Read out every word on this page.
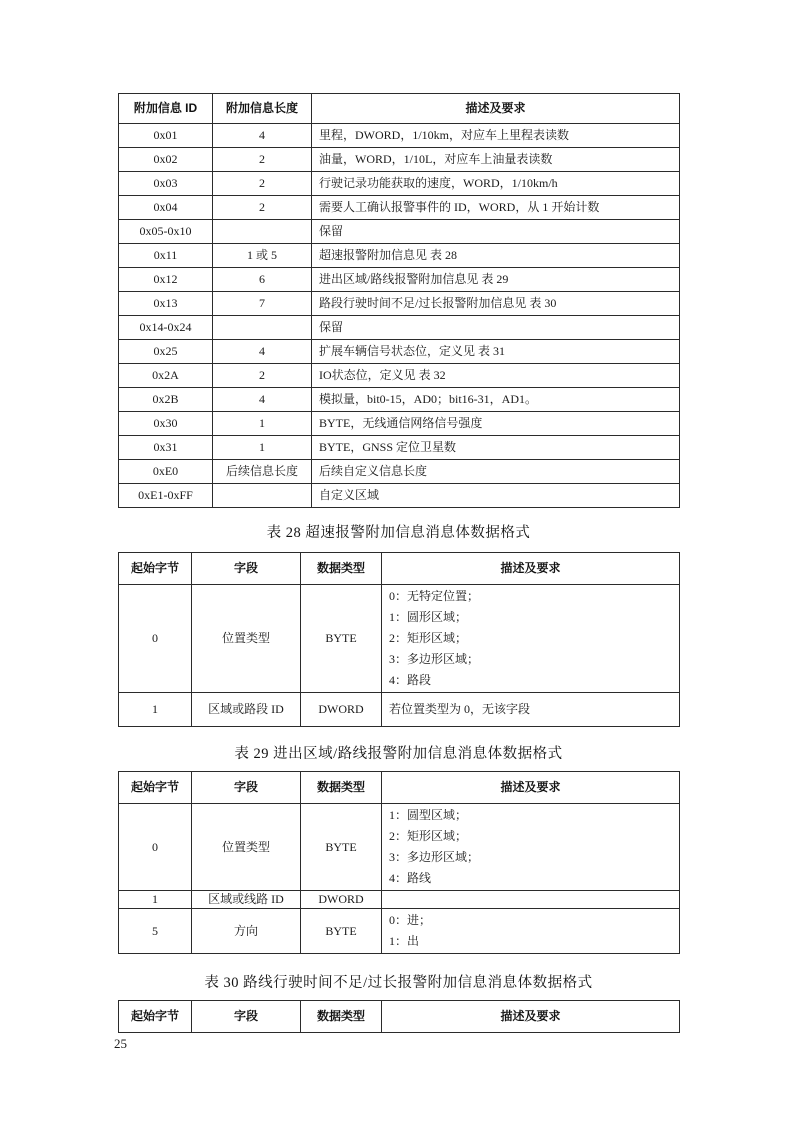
附加信息 ID	附加信息长度	描述及要求
0x01	4	里程，DWORD，1/10km，对应车上里程表读数
0x02	2	油量，WORD，1/10L，对应车上油量表读数
0x03	2	行驶记录功能获取的速度，WORD，1/10km/h
0x04	2	需要人工确认报警事件的 ID，WORD，从 1 开始计数
0x05-0x10		保留
0x11	1 或 5	超速报警附加信息见 表 28
0x12	6	进出区域/路线报警附加信息见 表 29
0x13	7	路段行驶时间不足/过长报警附加信息见 表 30
0x14-0x24		保留
0x25	4	扩展车辆信号状态位，定义见 表 31
0x2A	2	IO状态位，定义见 表 32
0x2B	4	模拟量，bit0-15，AD0；bit16-31，AD1。
0x30	1	BYTE，无线通信网络信号强度
0x31	1	BYTE，GNSS 定位卫星数
0xE0	后续信息长度	后续自定义信息长度
0xE1-0xFF		自定义区域
表 28 超速报警附加信息消息体数据格式
起始字节	字段	数据类型	描述及要求
0	位置类型	BYTE	0：无特定位置；
1：圆形区域；
2：矩形区域；
3：多边形区域；
4：路段

1	区域或路段 ID	DWORD	若位置类型为 0，无该字段
表 29 进出区域/路线报警附加信息消息体数据格式
起始字节	字段	数据类型	描述及要求
0	位置类型	BYTE	1：圆型区域；
2：矩形区域；
3：多边形区域；
4：路线

1	区域或线路 ID	DWORD	
5	方向	BYTE	0：进；
1：出
表 30 路线行驶时间不足/过长报警附加信息消息体数据格式
起始字节	字段	数据类型	描述及要求
25
